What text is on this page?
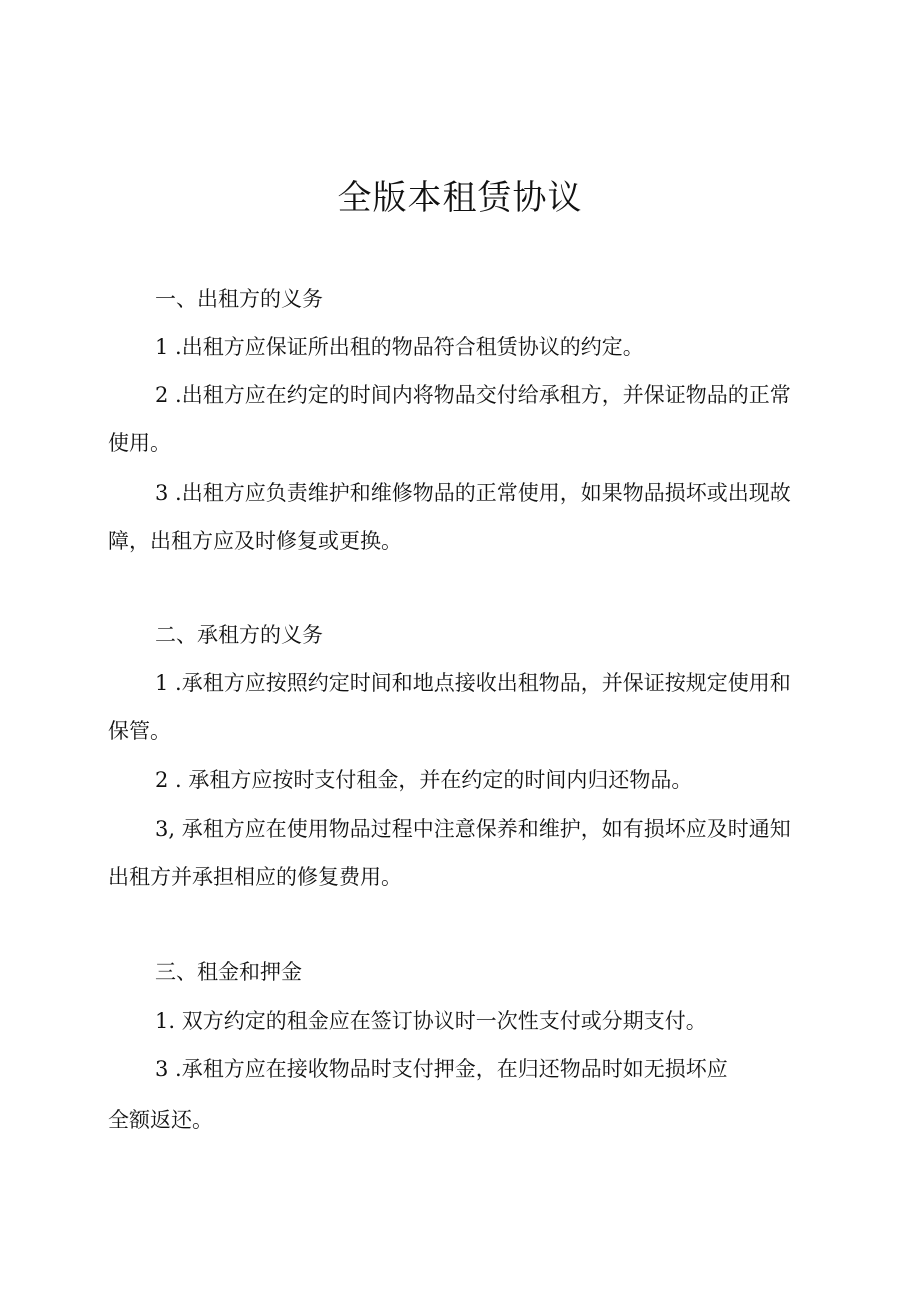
全版本租赁协议

一、出租方的义务

1 .出租方应保证所出租的物品符合租赁协议的约定。

2 .出租方应在约定的时间内将物品交付给承租方，并保证物品的正常

使用。

3 .出租方应负责维护和维修物品的正常使用，如果物品损坏或出现故

障，出租方应及时修复或更换。

二、承租方的义务

1 .承租方应按照约定时间和地点接收出租物品，并保证按规定使用和

保管。

2 . 承租方应按时支付租金，并在约定的时间内归还物品。

3, 承租方应在使用物品过程中注意保养和维护，如有损坏应及时通知

出租方并承担相应的修复费用。

三、租金和押金

1. 双方约定的租金应在签订协议时一次性支付或分期支付。

3 .承租方应在接收物品时支付押金，在归还物品时如无损坏应

全额返还。
